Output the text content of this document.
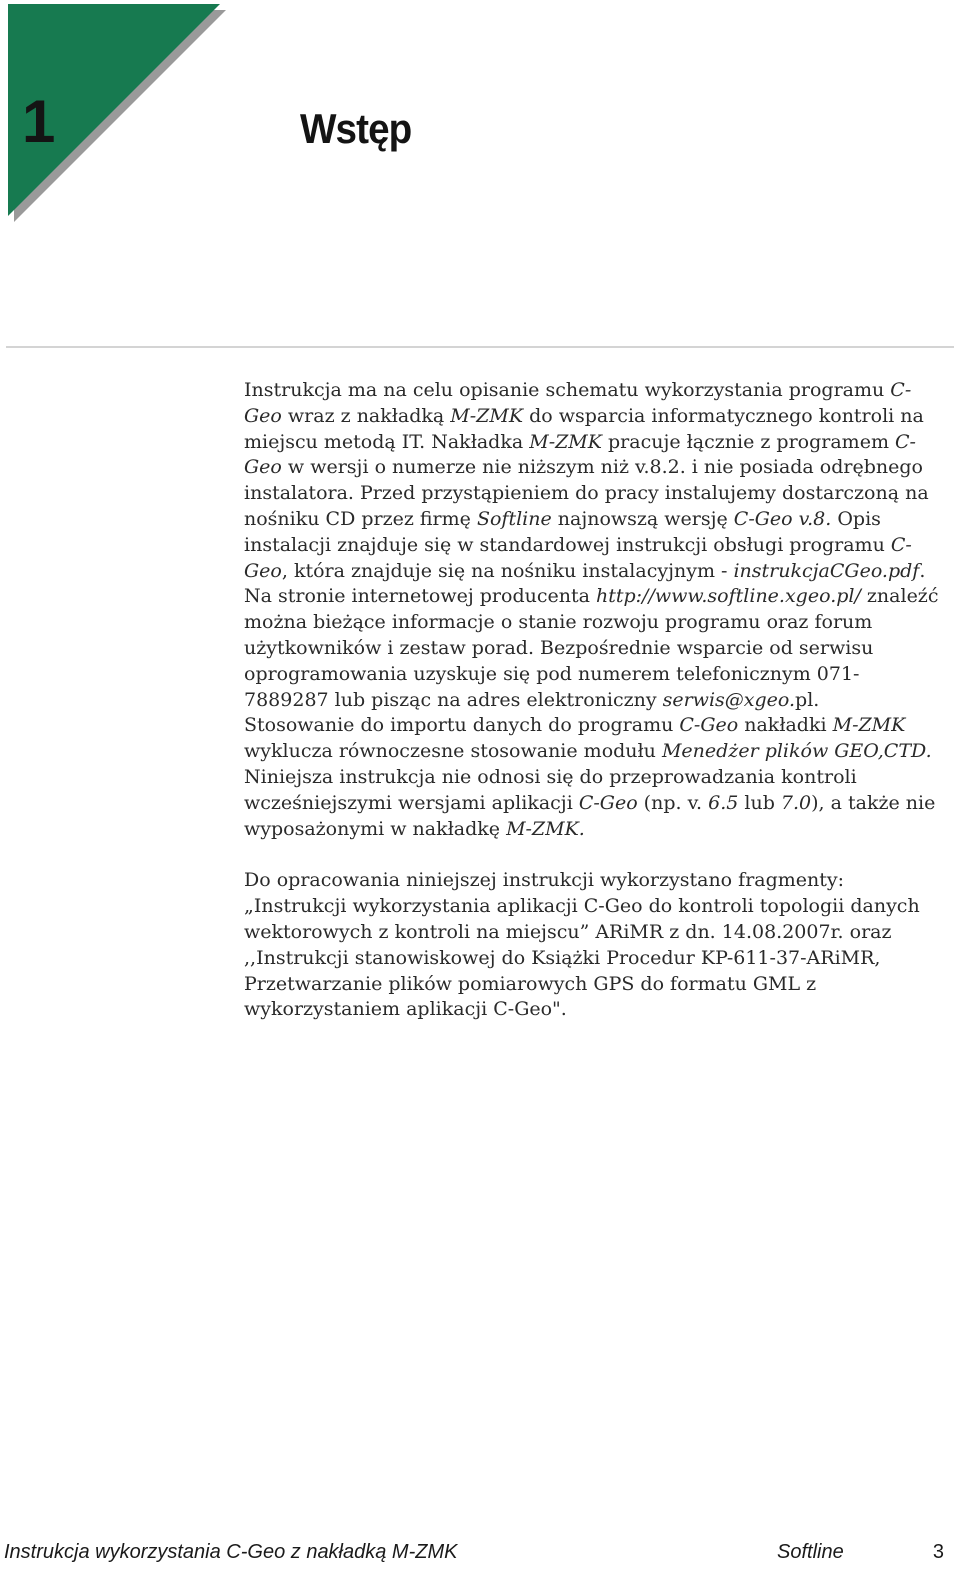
1	Wstęp

Instrukcja ma na celu opisanie schematu wykorzystania programu C-Geo wraz z nakładką M-ZMK do wsparcia informatycznego kontroli na miejscu metodą IT. Nakładka M-ZMK pracuje łącznie z programem C-Geo w wersji o numerze nie niższym niż v.8.2. i nie posiada odrębnego instalatora. Przed przystąpieniem do pracy instalujemy dostarczoną na nośniku CD przez firmę Softline najnowszą wersję C-Geo v.8. Opis instalacji znajduje się w standardowej instrukcji obsługi programu C-Geo, która znajduje się na nośniku instalacyjnym - instrukcjaCGeo.pdf. Na stronie internetowej producenta http://www.softline.xgeo.pl/ znaleźć można bieżące informacje o stanie rozwoju programu oraz forum użytkowników i zestaw porad. Bezpośrednie wsparcie od serwisu oprogramowania uzyskuje się pod numerem telefonicznym 071-7889287 lub pisząc na adres elektroniczny serwis@xgeo.pl.

Stosowanie do importu danych do programu C-Geo nakładki M-ZMK wyklucza równoczesne stosowanie modułu Menedżer plików GEO,CTD.

Niniejsza instrukcja nie odnosi się do przeprowadzania kontroli wcześniejszymi wersjami aplikacji C-Geo (np. v. 6.5 lub 7.0), a także nie wyposażonymi w nakładkę M-ZMK.

Do opracowania niniejszej instrukcji wykorzystano fragmenty:

„Instrukcji wykorzystania aplikacji C-Geo do kontroli topologii danych wektorowych z kontroli na miejscu” ARiMR z dn. 14.08.2007r. oraz ,,Instrukcji stanowiskowej do Książki Procedur KP-611-37-ARiMR, Przetwarzanie plików pomiarowych GPS do formatu GML z wykorzystaniem aplikacji C-Geo".

Instrukcja wykorzystania C-Geo z nakładką M-ZMK	Softline	3
